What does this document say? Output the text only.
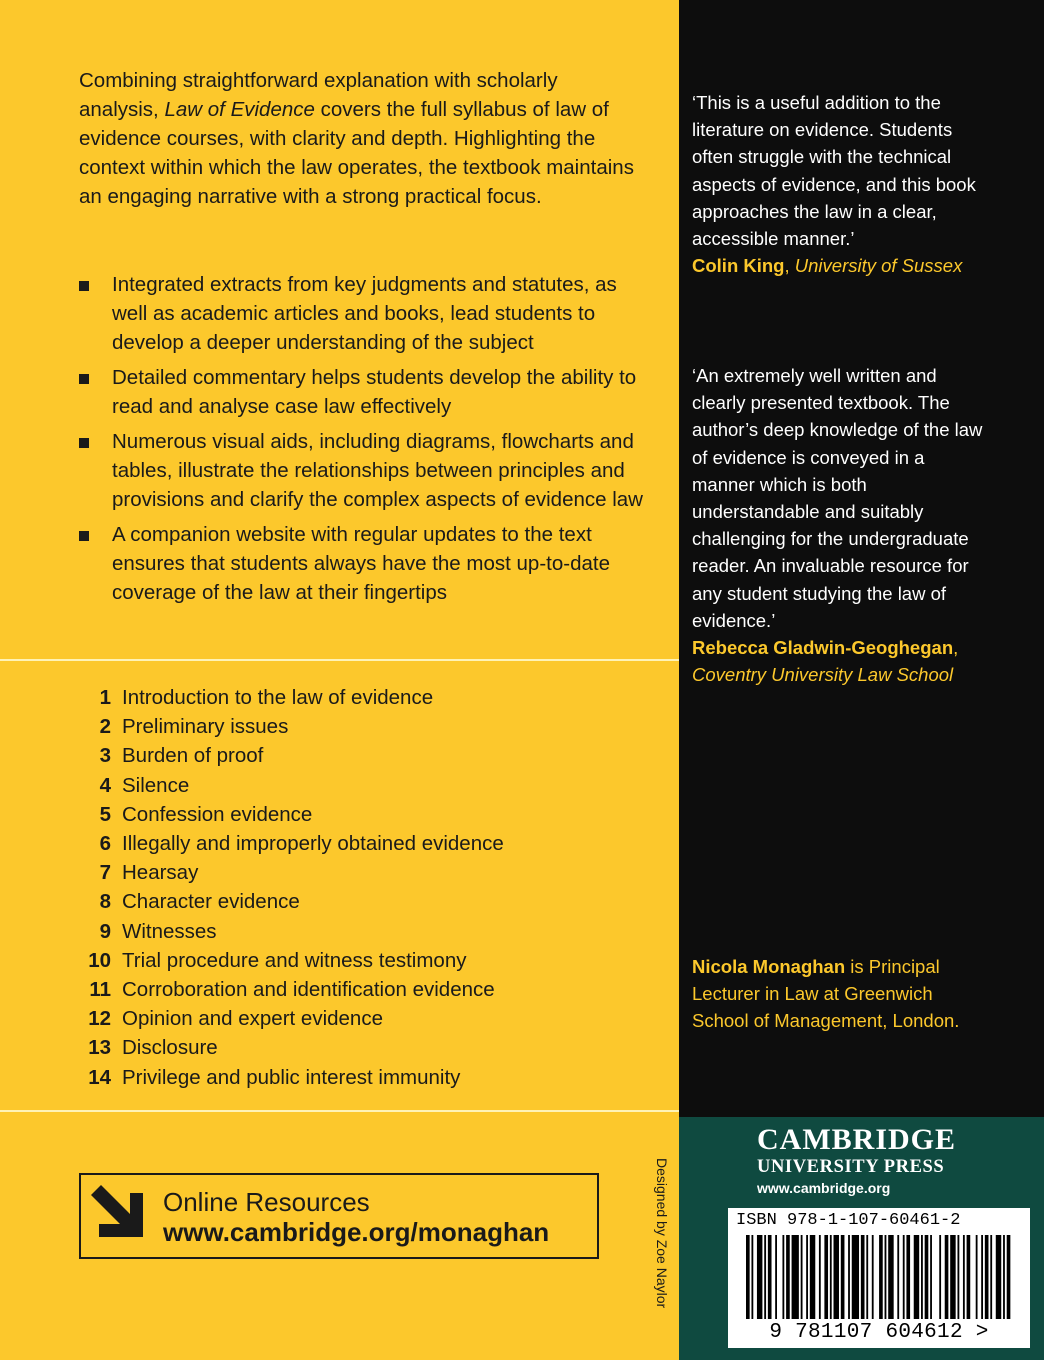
Combining straightforward explanation with scholarly analysis, Law of Evidence covers the full syllabus of law of evidence courses, with clarity and depth. Highlighting the context within which the law operates, the textbook maintains an engaging narrative with a strong practical focus.

Integrated extracts from key judgments and statutes, as well as academic articles and books, lead students to develop a deeper understanding of the subject
Detailed commentary helps students develop the ability to read and analyse case law effectively
Numerous visual aids, including diagrams, flowcharts and tables, illustrate the relationships between principles and provisions and clarify the complex aspects of evidence law
A companion website with regular updates to the text ensures that students always have the most up-to-date coverage of the law at their fingertips
1 Introduction to the law of evidence
2 Preliminary issues
3 Burden of proof
4 Silence
5 Confession evidence
6 Illegally and improperly obtained evidence
7 Hearsay
8 Character evidence
9 Witnesses
10 Trial procedure and witness testimony
11 Corroboration and identification evidence
12 Opinion and expert evidence
13 Disclosure
14 Privilege and public interest immunity
Online Resources
www.cambridge.org/monaghan	Designed by Zoe Naylor

‘This is a useful addition to the literature on evidence. Students often struggle with the technical aspects of evidence, and this book approaches the law in a clear, accessible manner.’
Colin King, University of Sussex

‘An extremely well written and clearly presented textbook. The author’s deep knowledge of the law of evidence is conveyed in a manner which is both understandable and suitably challenging for the undergraduate reader. An invaluable resource for any student studying the law of evidence.’
Rebecca Gladwin-Geoghegan, Coventry University Law School

Nicola Monaghan is Principal Lecturer in Law at Greenwich School of Management, London.

CAMBRIDGE
UNIVERSITY PRESS
www.cambridge.org
ISBN 978-1-107-60461-2
9 781107 604612 >
